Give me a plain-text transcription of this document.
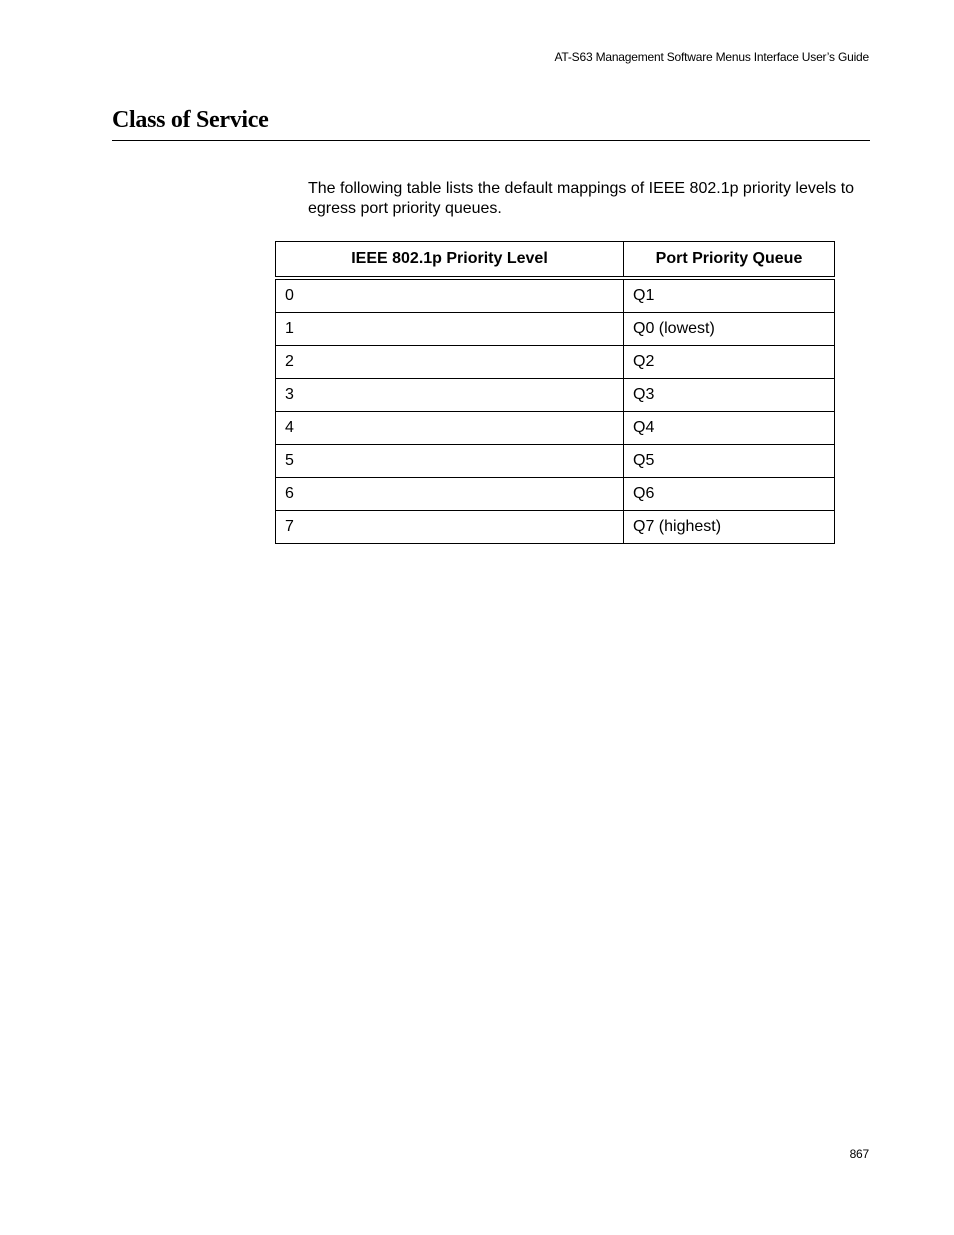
AT-S63 Management Software Menus Interface User’s Guide
Class of Service

The following table lists the default mappings of IEEE 802.1p priority levels to egress port priority queues.

IEEE 802.1p Priority Level	Port Priority Queue
0	Q1
1	Q0 (lowest)
2	Q2
3	Q3
4	Q4
5	Q5
6	Q6
7	Q7 (highest)
867
